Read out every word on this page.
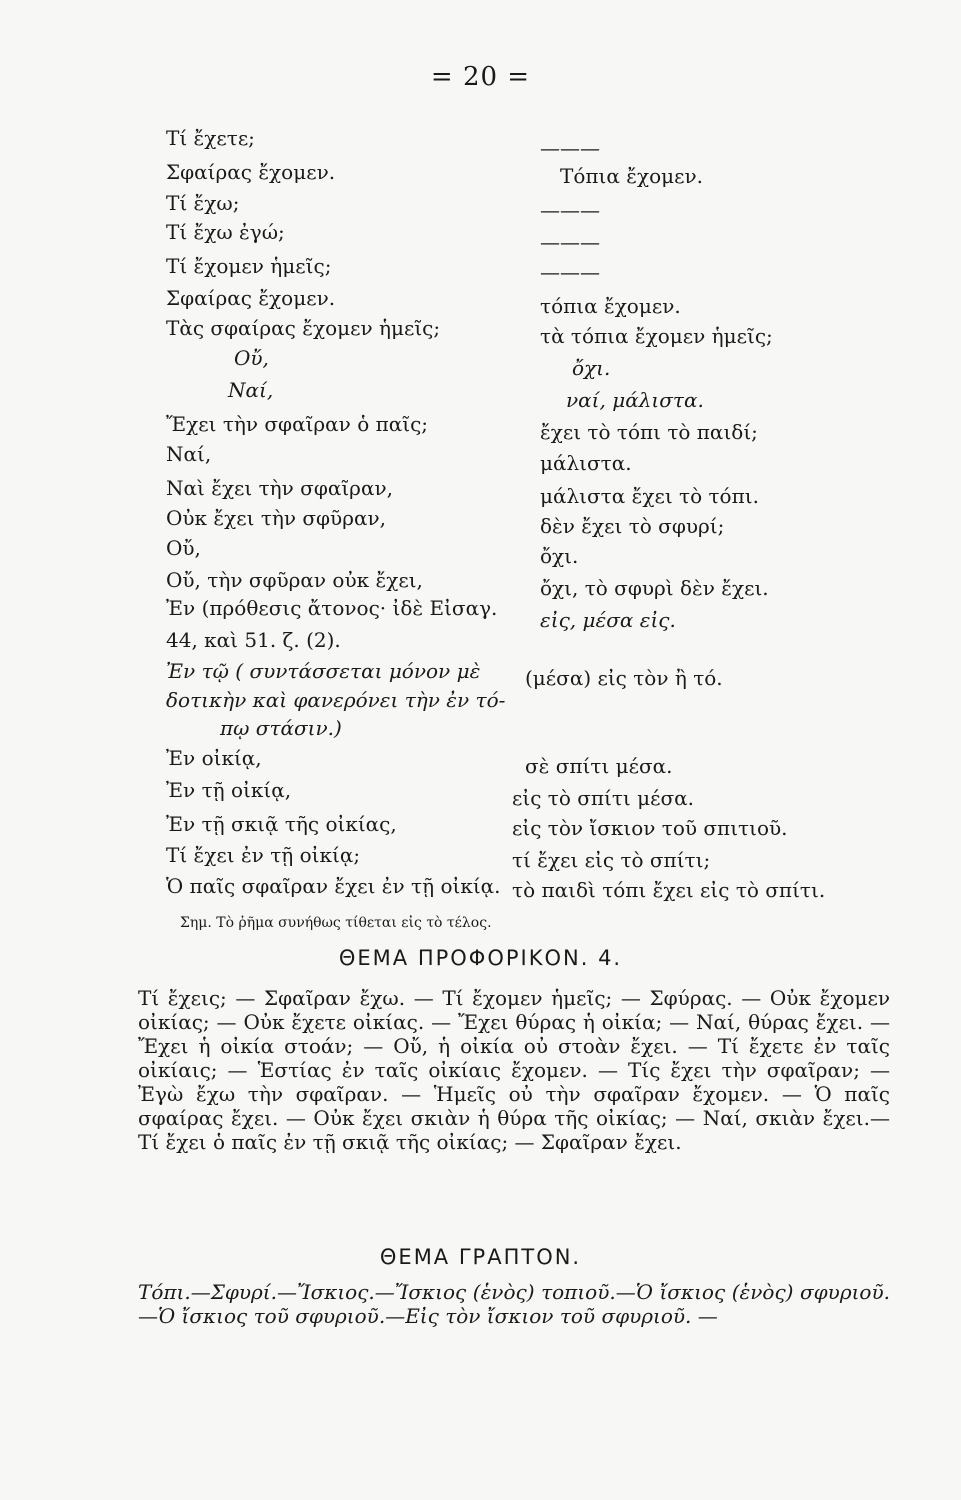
= 20 =
Τί ἔχετε;
Σφαίρας ἔχομεν.
Τί ἔχω;
Τί ἔχω ἐγώ;
Τί ἔχομεν ἡμεῖς;
Σφαίρας ἔχομεν.
Τὰς σφαίρας ἔχομεν ἡμεῖς;
Οὔ,
Ναί,
Ἔχει τὴν σφαῖραν ὁ παῖς;
Ναί,
Ναὶ ἔχει τὴν σφαῖραν,
Οὐκ ἔχει τὴν σφῦραν,
Οὔ,
Οὔ, τὴν σφῦραν οὐκ ἔχει,
Ἐν (πρόθεσις ἄτονος· ἰδὲ Εἰσαγ.
44, καὶ 51. ζ. (2).
Ἐν τῷ ( συντάσσεται μόνον μὲ
δοτικὴν καὶ φανερόνει τὴν ἐν τό-
πῳ στάσιν.)
Ἐν οἰκίᾳ,
Ἐν τῇ οἰκίᾳ,
Ἐν τῇ σκιᾷ τῆς οἰκίας,
Τί ἔχει ἐν τῇ οἰκίᾳ;
Ὁ παῖς σφαῖραν ἔχει ἐν τῇ οἰκίᾳ.
———
Τόπια ἔχομεν.
———
———
———
τόπια ἔχομεν.
τὰ τόπια ἔχομεν ἡμεῖς;
ὄχι.
ναί, μάλιστα.
ἔχει τὸ τόπι τὸ παιδί;
μάλιστα.
μάλιστα ἔχει τὸ τόπι.
δὲν ἔχει τὸ σφυρί;
ὄχι.
ὄχι, τὸ σφυρὶ δὲν ἔχει.
εἰς, μέσα εἰς.
(μέσα) εἰς τὸν ἢ τό.
σὲ σπίτι μέσα.
εἰς τὸ σπίτι μέσα.
εἰς τὸν ἴσκιον τοῦ σπιτιοῦ.
τί ἔχει εἰς τὸ σπίτι;
τὸ παιδὶ τόπι ἔχει εἰς τὸ σπίτι.
Σημ. Τὸ ῥῆμα συνήθως τίθεται εἰς τὸ τέλος.
ΘΕΜΑ ΠΡΟΦΟΡΙΚΟΝ. 4.

Τί ἔχεις; — Σφαῖραν ἔχω. — Τί ἔχομεν ἡμεῖς; — Σφύρας. — Οὐκ ἔχομεν οἰκίας; — Οὐκ ἔχετε οἰκίας. — Ἔχει θύρας ἡ οἰκία; — Ναί, θύρας ἔχει. — Ἔχει ἡ οἰκία στοάν; — Οὔ, ἡ οἰκία οὐ στοὰν ἔχει. — Τί ἔχετε ἐν ταῖς οἰκίαις; — Ἑστίας ἐν ταῖς οἰκίαις ἔχομεν. — Τίς ἔχει τὴν σφαῖραν; — Ἐγὼ ἔχω τὴν σφαῖραν. — Ἡμεῖς οὐ τὴν σφαῖραν ἔχομεν. — Ὁ παῖς σφαίρας ἔχει. — Οὐκ ἔχει σκιὰν ἡ θύρα τῆς οἰκίας; — Ναί, σκιὰν ἔχει.— Τί ἔχει ὁ παῖς ἐν τῇ σκιᾷ τῆς οἰκίας; — Σφαῖραν ἔχει.

ΘΕΜΑ ΓΡΑΠΤΟΝ.

Τόπι.—Σφυρί.—Ἴσκιος.—Ἴσκιος (ἑνὸς) τοπιοῦ.—Ὁ ἴσκιος (ἑνὸς) σφυριοῦ.—Ὁ ἴσκιος τοῦ σφυριοῦ.—Εἰς τὸν ἴσκιον τοῦ σφυριοῦ. —
